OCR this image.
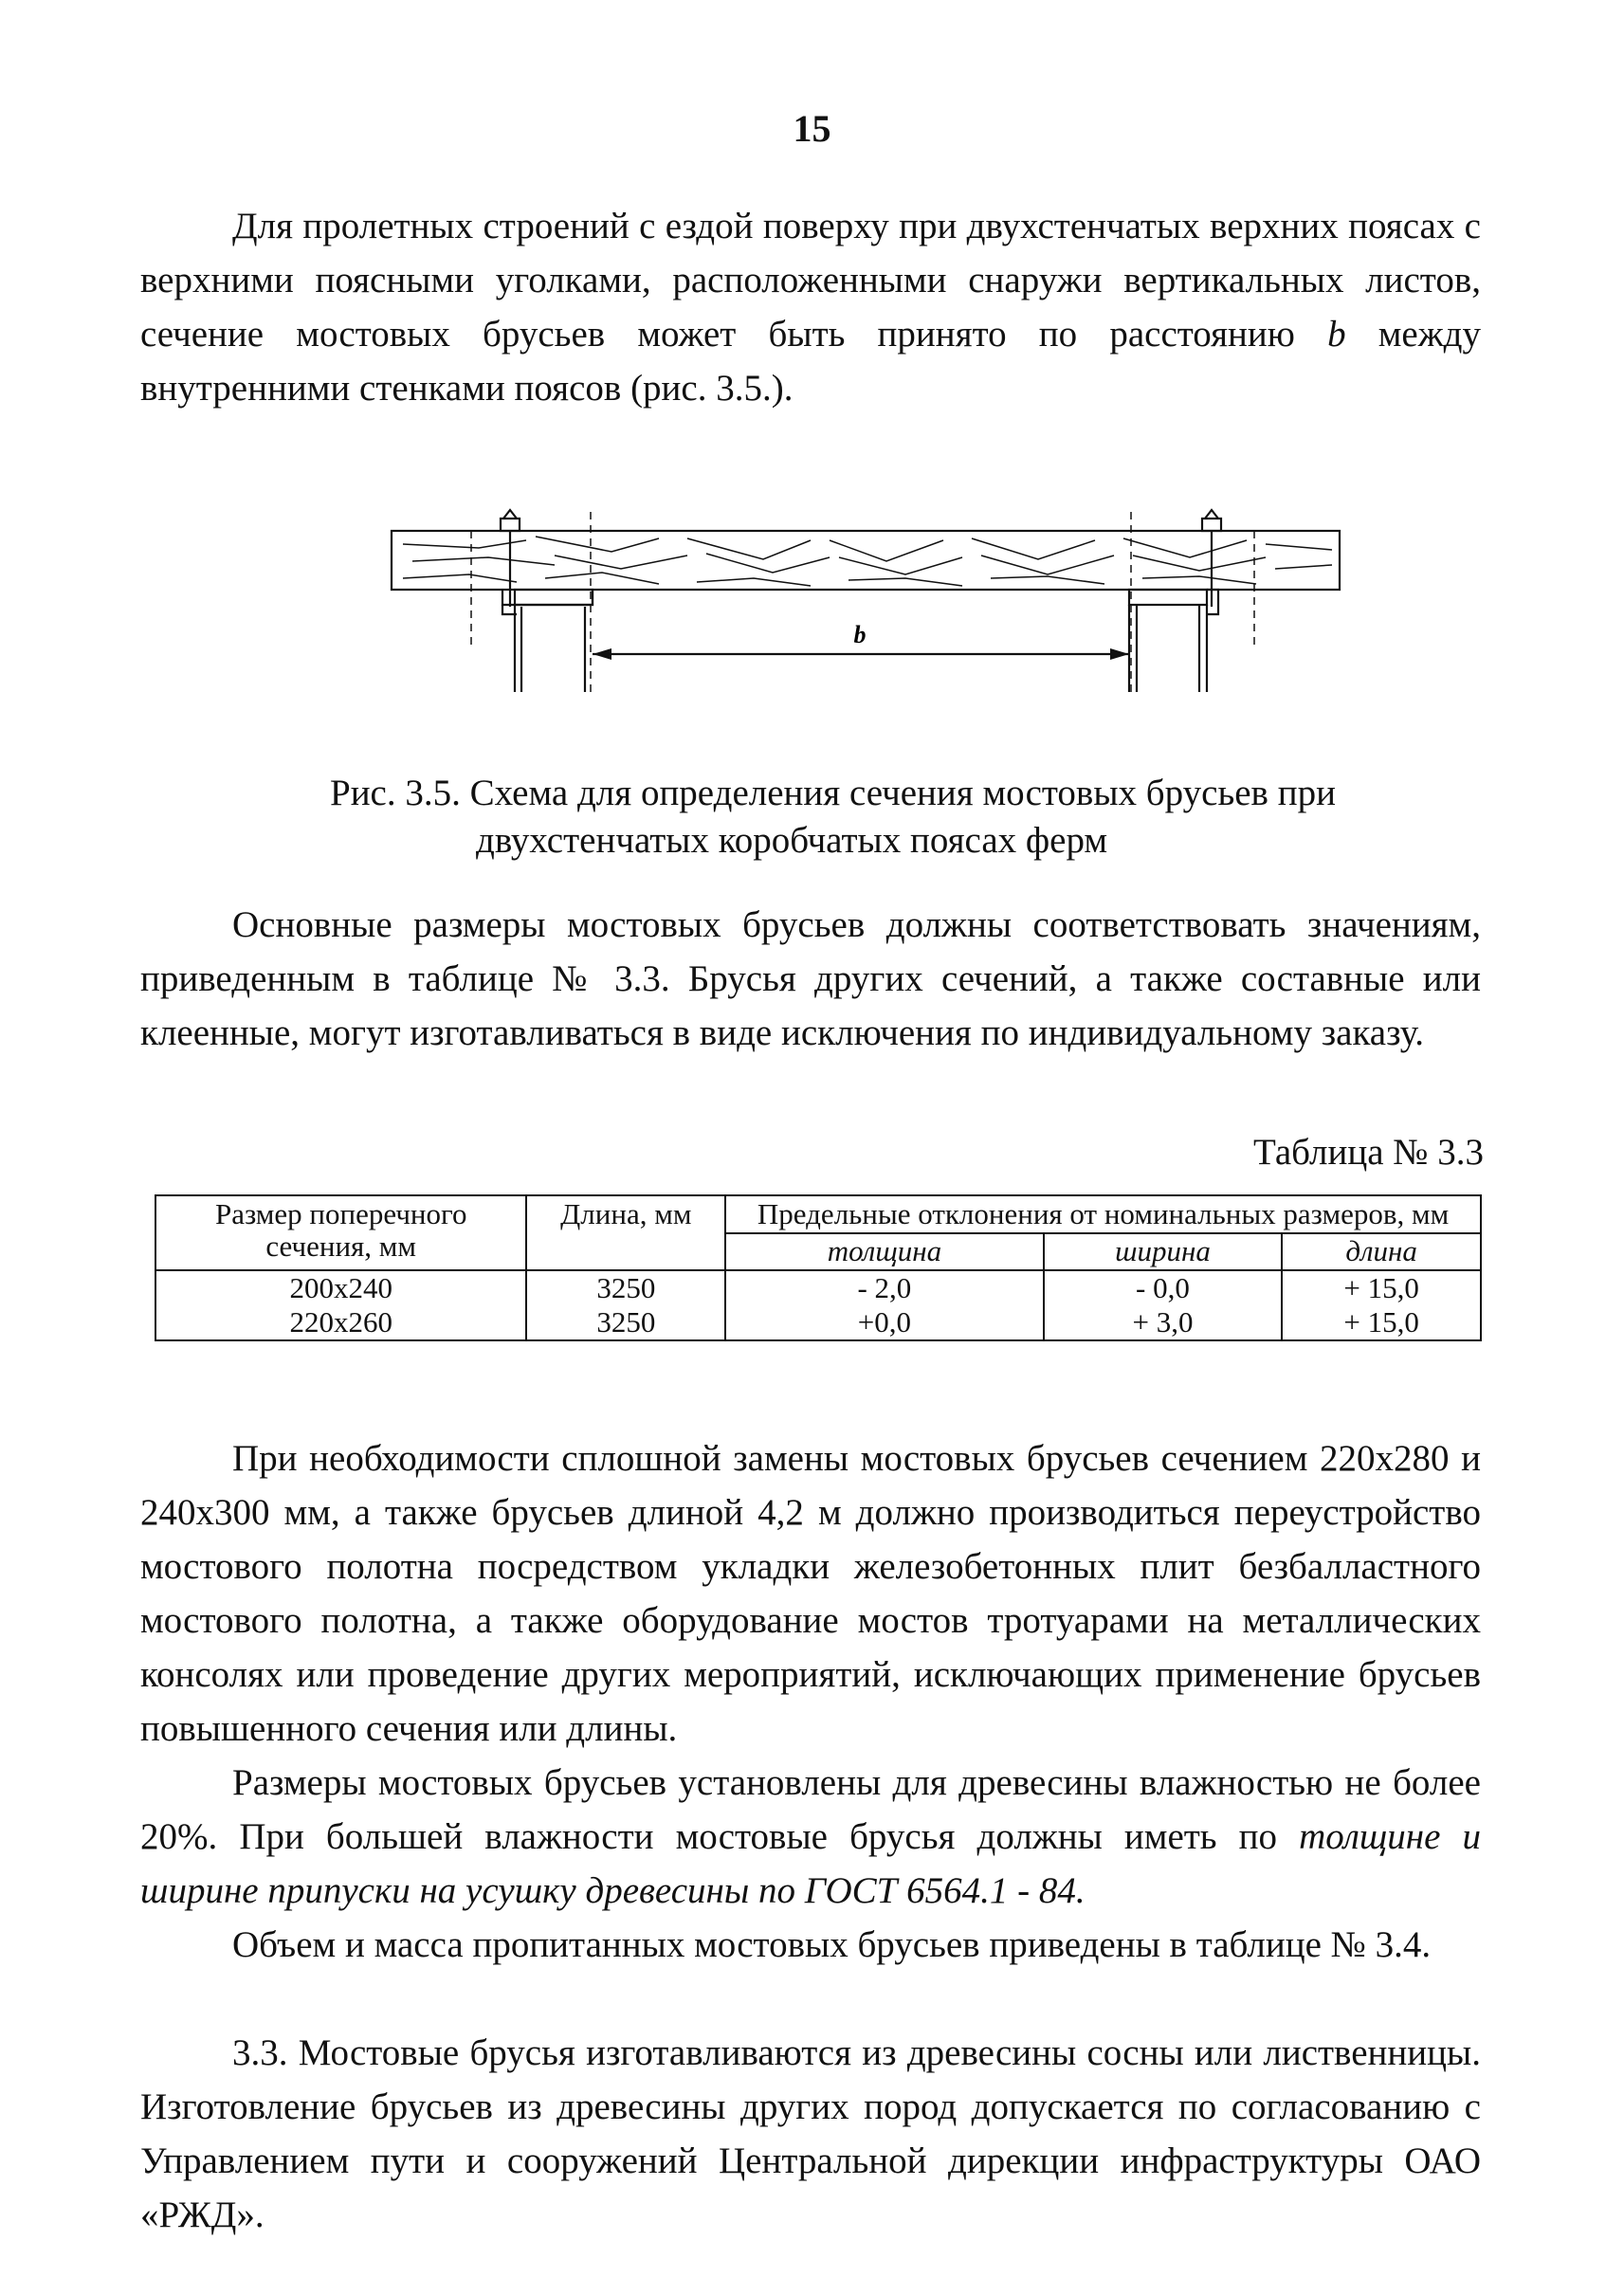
15
Для пролетных строений с ездой поверху при двухстенчатых верхних поясах с верхними поясными уголками, расположенными снаружи вертикальных листов, сечение мостовых брусьев может быть принято по расстоянию b между внутренними стенками поясов (рис. 3.5.).
b
Рис. 3.5. Схема для определения сечения мостовых брусьев при
двухстенчатых коробчатых поясах ферм
Основные размеры мостовых брусьев должны соответствовать значениям, приведенным в таблице № 3.3. Брусья других сечений, а также составные или клеенные, могут изготавливаться в виде исключения по индивидуальному заказу.
Таблица № 3.3
Размер поперечного сечения, мм	Длина, мм	Предельные отклонения от номинальных размеров, мм		
		толщина	ширина	длина
200х240	3250	- 2,0	- 0,0	+ 15,0
220х260	3250	+0,0	+ 3,0	+ 15,0
При необходимости сплошной замены мостовых брусьев сечением 220х280 и 240х300 мм, а также брусьев длиной 4,2 м должно производиться переустройство мостового полотна посредством укладки железобетонных плит безбалластного мостового полотна, а также оборудование мостов тротуарами на металлических консолях или проведение других мероприятий, исключающих применение брусьев повышенного сечения или длины.
Размеры мостовых брусьев установлены для древесины влажностью не более 20%. При большей влажности мостовые брусья должны иметь по толщине и ширине припуски на усушку древесины по ГОСТ 6564.1 - 84.
Объем и масса пропитанных мостовых брусьев приведены в таблице № 3.4.
3.3. Мостовые брусья изготавливаются из древесины сосны или лиственницы. Изготовление брусьев из древесины других пород допускается по согласованию с Управлением пути и сооружений Центральной дирекции инфраструктуры ОАО «РЖД».
